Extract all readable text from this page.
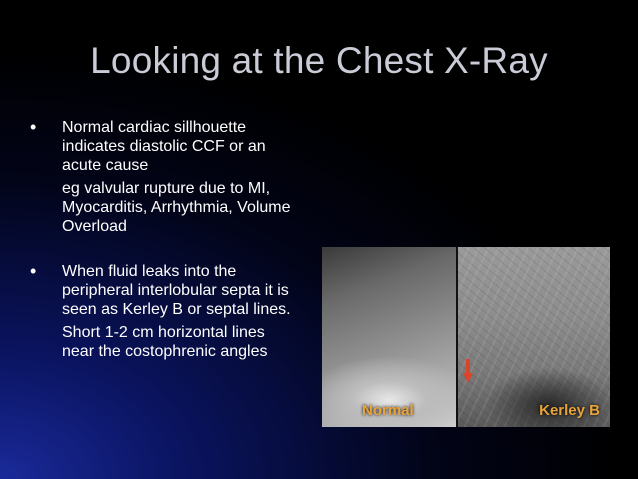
Looking at the Chest X-Ray
•	Normal cardiac sillhouette indicates diastolic CCF or an acute cause
eg valvular rupture due to MI, Myocarditis, Arrhythmia, Volume Overload
•	When fluid leaks into the peripheral interlobular septa it is seen as Kerley B or septal lines.
Short 1-2 cm horizontal lines near the costophrenic angles
Normal	Kerley B
